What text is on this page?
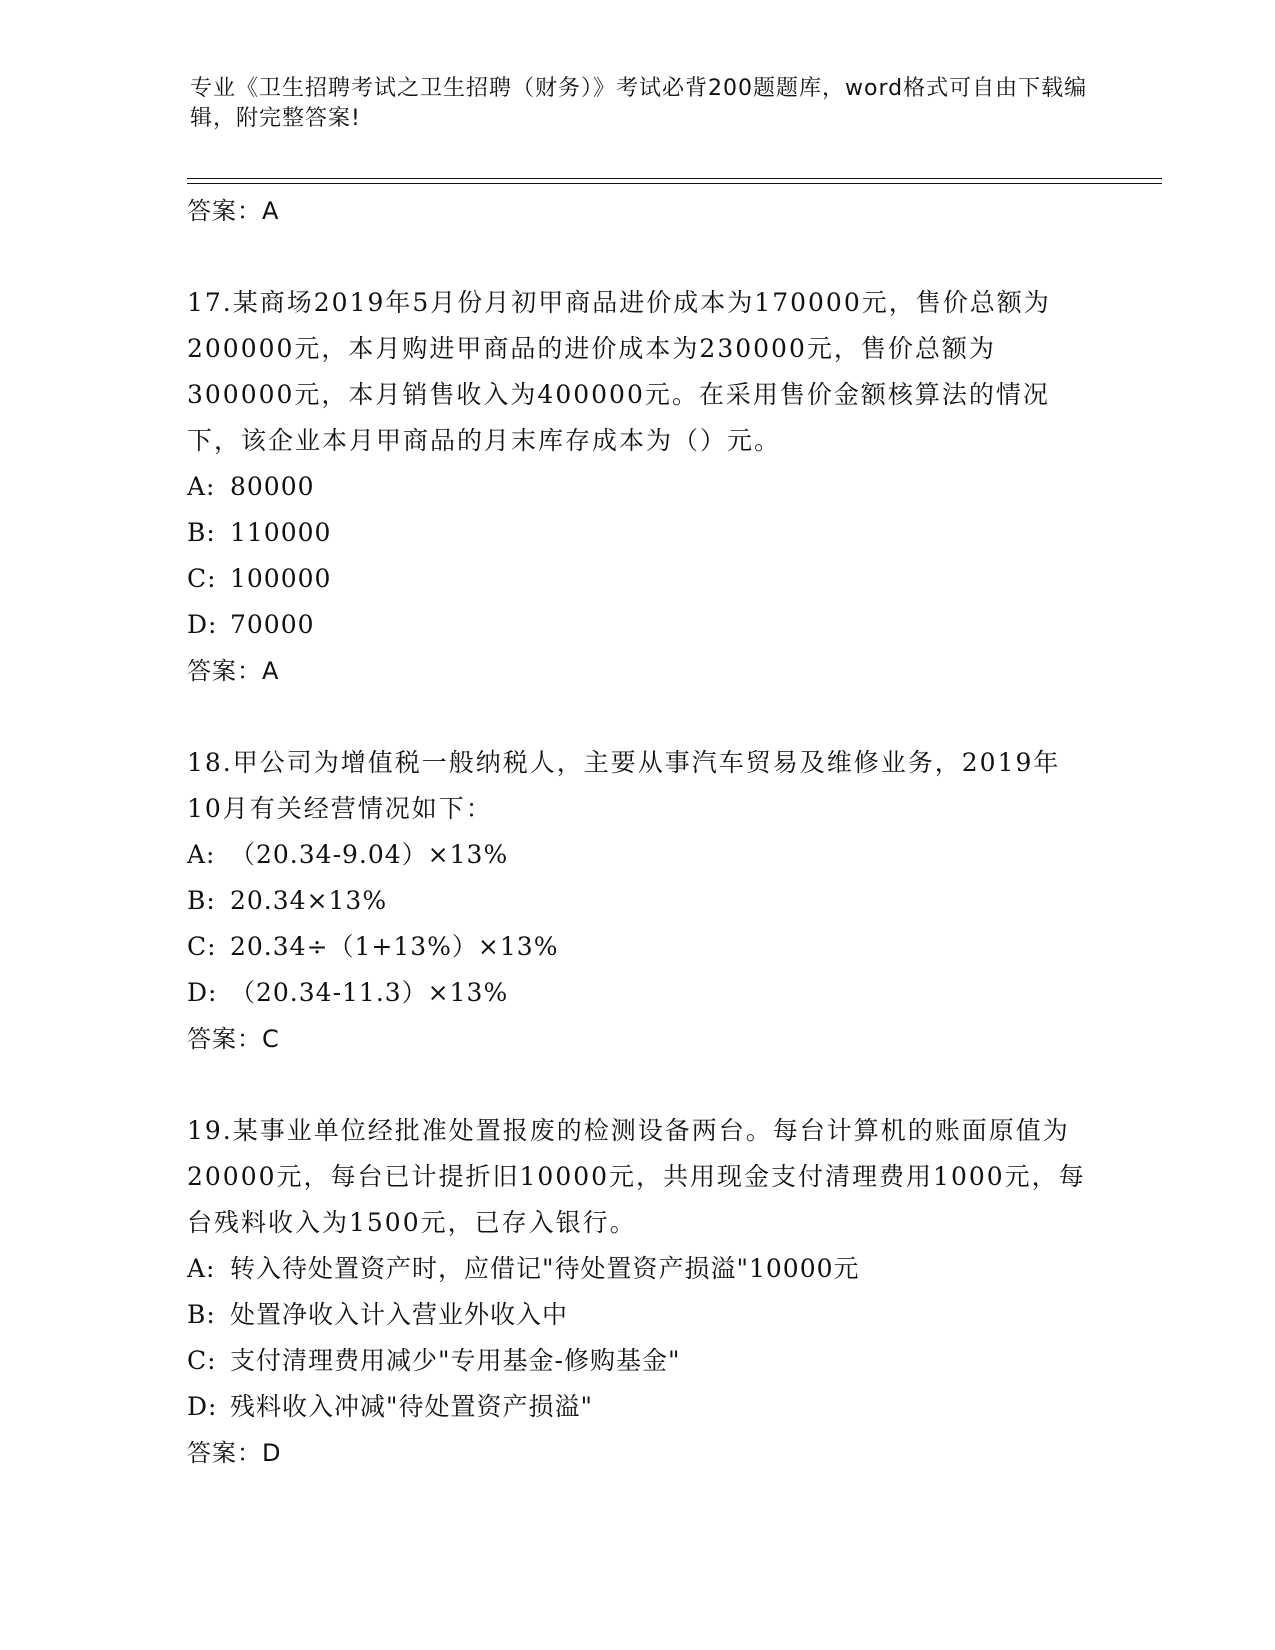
专业《卫生招聘考试之卫生招聘（财务）》考试必背200题题库，word格式可自由下载编辑，附完整答案!
答案：A
17.某商场2019年5月份月初甲商品进价成本为170000元，售价总额为200000元，本月购进甲商品的进价成本为230000元，售价总额为300000元，本月销售收入为400000元。在采用售价金额核算法的情况下，该企业本月甲商品的月末库存成本为（）元。
A: 80000
B: 110000
C: 100000
D: 70000
答案：A
18.甲公司为增值税一般纳税人，主要从事汽车贸易及维修业务，2019年10月有关经营情况如下：
A: （20.34-9.04）×13%
B: 20.34×13%
C: 20.34÷（1+13%）×13%
D: （20.34-11.3）×13%
答案：C
19.某事业单位经批准处置报废的检测设备两台。每台计算机的账面原值为20000元，每台已计提折旧10000元，共用现金支付清理费用1000元，每台残料收入为1500元，已存入银行。
A: 转入待处置资产时，应借记"待处置资产损溢"10000元
B: 处置净收入计入营业外收入中
C: 支付清理费用减少"专用基金-修购基金"
D: 残料收入冲减"待处置资产损溢"
答案：D
